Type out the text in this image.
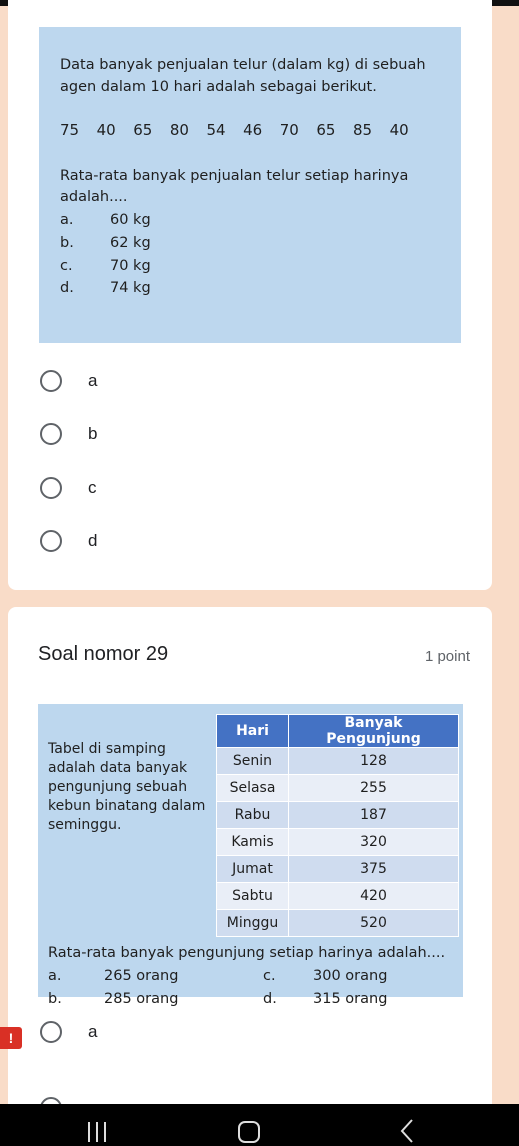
Data banyak penjualan telur (dalam kg) di sebuah
agen dalam 10 hari adalah sebagai berikut.
75  40  65  80  54  46  70  65  85  40
Rata-rata banyak penjualan telur setiap harinya
adalah....
a.	60 kg
b. 62 kg
c.	70 kg
d. 74 kg
a
b
c
d
Soal nomor 29	1 point
Tabel di samping adalah data banyak pengunjung sebuah kebun binatang dalam seminggu.
Hari	Banyak Pengunjung
Senin	128
Selasa	255
Rabu	187
Kamis	320
Jumat	375
Sabtu	420
Minggu	520
Rata-rata banyak pengunjung setiap harinya adalah....
a.	265 orang
b.	285 orang
c.	300 orang
d. 315 orang
a
!
